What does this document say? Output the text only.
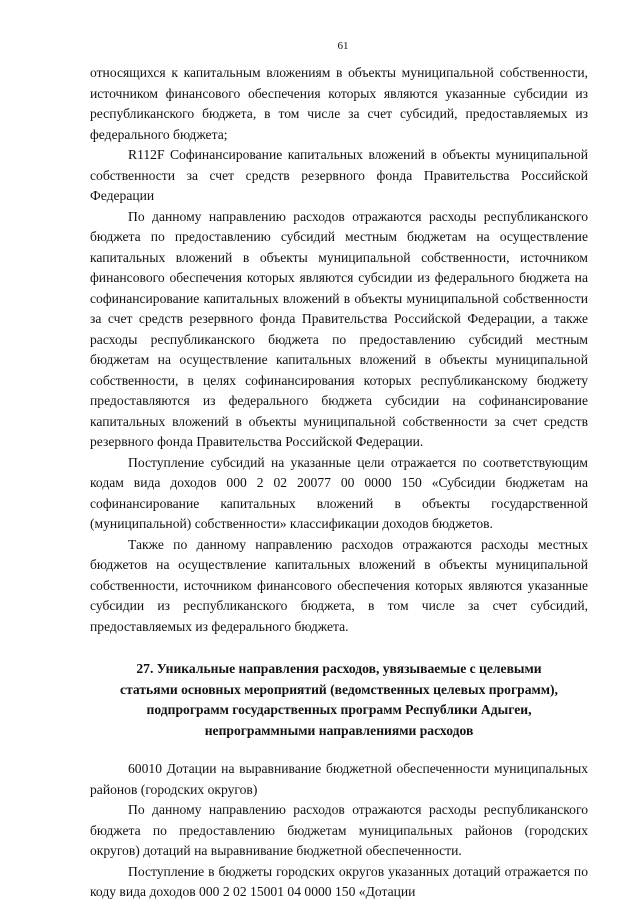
61

относящихся к капитальным вложениям в объекты муниципальной собственности, источником финансового обеспечения которых являются указанные субсидии из республиканского бюджета, в том числе за счет субсидий, предоставляемых из федерального бюджета;

R112F Софинансирование капитальных вложений в объекты муниципальной собственности за счет средств резервного фонда Правительства Российской Федерации

По данному направлению расходов отражаются расходы республиканского бюджета по предоставлению субсидий местным бюджетам на осуществление капитальных вложений в объекты муниципальной собственности, источником финансового обеспечения которых являются субсидии из федерального бюджета на софинансирование капитальных вложений в объекты муниципальной собственности за счет средств резервного фонда Правительства Российской Федерации, а также расходы республиканского бюджета по предоставлению субсидий местным бюджетам на осуществление капитальных вложений в объекты муниципальной собственности, в целях софинансирования которых республиканскому бюджету предоставляются из федерального бюджета субсидии на софинансирование капитальных вложений в объекты муниципальной собственности за счет средств резервного фонда Правительства Российской Федерации.

Поступление субсидий на указанные цели отражается по соответствующим кодам вида доходов 000 2 02 20077 00 0000 150 «Субсидии бюджетам на софинансирование капитальных вложений в объекты государственной (муниципальной) собственности» классификации доходов бюджетов.

Также по данному направлению расходов отражаются расходы местных бюджетов на осуществление капитальных вложений в объекты муниципальной собственности, источником финансового обеспечения которых являются указанные субсидии из республиканского бюджета, в том числе за счет субсидий, предоставляемых из федерального бюджета.

27. Уникальные направления расходов, увязываемые с целевыми
статьями основных мероприятий (ведомственных целевых программ),
подпрограмм государственных программ Республики Адыгеи,
непрограммными направлениями расходов

60010 Дотации на выравнивание бюджетной обеспеченности муниципальных районов (городских округов)

По данному направлению расходов отражаются расходы республиканского бюджета по предоставлению бюджетам муниципальных районов (городских округов) дотаций на выравнивание бюджетной обеспеченности.

Поступление в бюджеты городских округов указанных дотаций отражается по коду вида доходов 000 2 02 15001 04 0000 150 «Дотации
